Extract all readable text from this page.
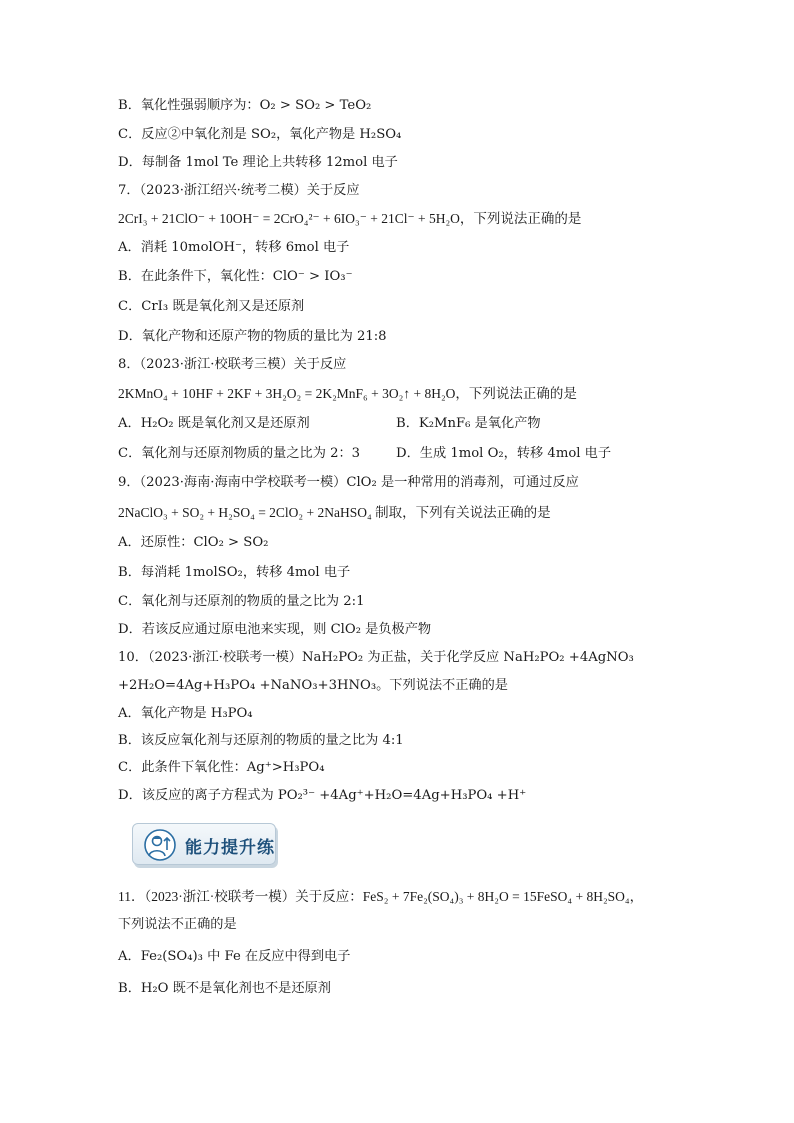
B．氧化性强弱顺序为：O₂ > SO₂ > TeO₂
C．反应②中氧化剂是 SO₂，氧化产物是 H₂SO₄
D．每制备 1mol Te 理论上共转移 12mol 电子
7．（2023·浙江绍兴·统考二模）关于反应
2CrI₃ + 21ClO⁻ + 10OH⁻ = 2CrO₄²⁻ + 6IO₃⁻ + 21Cl⁻ + 5H₂O，下列说法正确的是
A．消耗 10molOH⁻，转移 6mol 电子
B．在此条件下，氧化性：ClO⁻ > IO₃⁻
C．CrI₃ 既是氧化剂又是还原剂
D．氧化产物和还原产物的物质的量比为 21:8
8．（2023·浙江·校联考三模）关于反应
2KMnO₄ + 10HF + 2KF + 3H₂O₂ = 2K₂MnF₆ + 3O₂↑ + 8H₂O，下列说法正确的是
A．H₂O₂ 既是氧化剂又是还原剂	B．K₂MnF₆ 是氧化产物
C．氧化剂与还原剂物质的量之比为 2：3	D．生成 1mol O₂，转移 4mol 电子
9．（2023·海南·海南中学校联考一模）ClO₂ 是一种常用的消毒剂，可通过反应
2NaClO₃ + SO₂ + H₂SO₄ = 2ClO₂ + 2NaHSO₄ 制取，下列有关说法正确的是
A．还原性：ClO₂ > SO₂
B．每消耗 1molSO₂，转移 4mol 电子
C．氧化剂与还原剂的物质的量之比为 2:1
D．若该反应通过原电池来实现，则 ClO₂ 是负极产物
10．（2023·浙江·校联考一模）NaH₂PO₂ 为正盐，关于化学反应 NaH₂PO₂ +4AgNO₃
+2H₂O=4Ag+H₃PO₄ +NaNO₃+3HNO₃。下列说法不正确的是
A．氧化产物是 H₃PO₄
B．该反应氧化剂与还原剂的物质的量之比为 4:1
C．此条件下氧化性：Ag⁺>H₃PO₄
D．该反应的离子方程式为 PO₂³⁻ +4Ag⁺+H₂O=4Ag+H₃PO₄ +H⁺
能力提升练
11．（2023·浙江·校联考一模）关于反应：FeS₂ + 7Fe₂(SO₄)₃ + 8H₂O = 15FeSO₄ + 8H₂SO₄，
下列说法不正确的是
A．Fe₂(SO₄)₃ 中 Fe 在反应中得到电子
B．H₂O 既不是氧化剂也不是还原剂
